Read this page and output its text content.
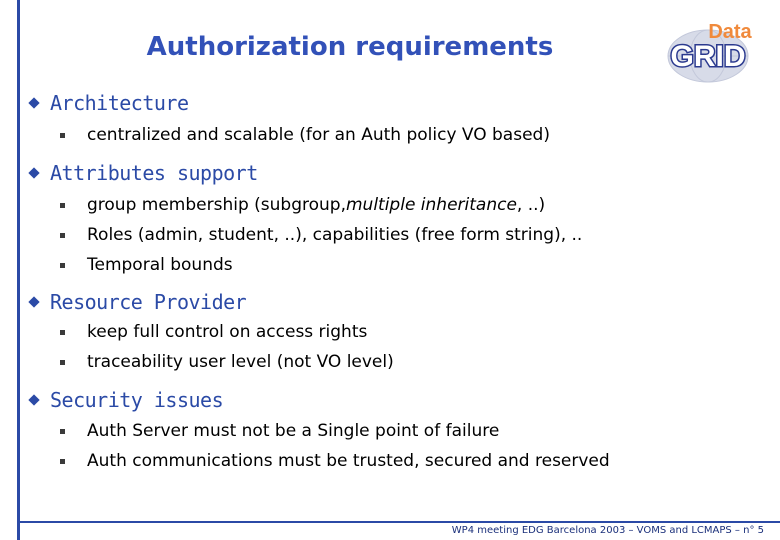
Authorization requirements	Data
GRID
Architecture
centralized and scalable (for an Auth policy VO based)
Attributes support
group membership (subgroup, multiple inheritance , ..)
Roles (admin, student, ..), capabilities (free form string), ..
Temporal bounds
Resource Provider
keep full control on access rights
traceability user level (not VO level)
Security issues
Auth Server must not be a Single point of failure
Auth communications must be trusted, secured and reserved
WP4 meeting EDG Barcelona 2003 – VOMS and LCMAPS – n° 5
